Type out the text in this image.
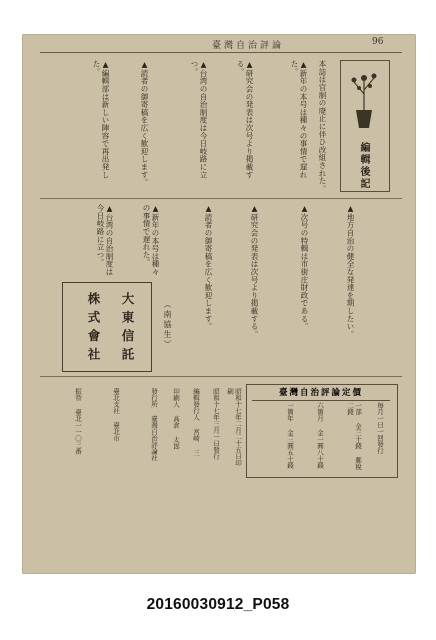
臺灣自治評論	96
編輯後記
本誌は官制の廃止に伴ひ改組された。
▲新年の本号は種々の事情で遅れた。
▲研究会の発表は次号より掲載する。
▲台湾の自治制度は今日岐路に立つ。
▲読者の御寄稿を広く歓迎します。
▲編輯部は新しい陣容で再出発した。
▲地方自治の健全な発達を期したい。
▲次号の特輯は市街庄財政である。
▲研究会の発表は次号より掲載する。
▲読者の御寄稿を広く歓迎します。
▲新年の本号は種々の事情で遅れた。
▲台湾の自治制度は今日岐路に立つ。
大東信託
株式會社	（南協生）
臺灣自治評論定價
毎月一日一回發行
一部 金三十錢 郵稅二錢
六箇月 金一圓八十錢
一箇年 金三圓五十錢
昭和十七年二月二十五日印刷
昭和十七年三月一日發行
編輯發行人 宮崎 三
印刷人 高倉 太郎
發行所 臺灣自治評論社
臺北支社 臺北市
振替 臺北一一〇三番
20160030912_P058
